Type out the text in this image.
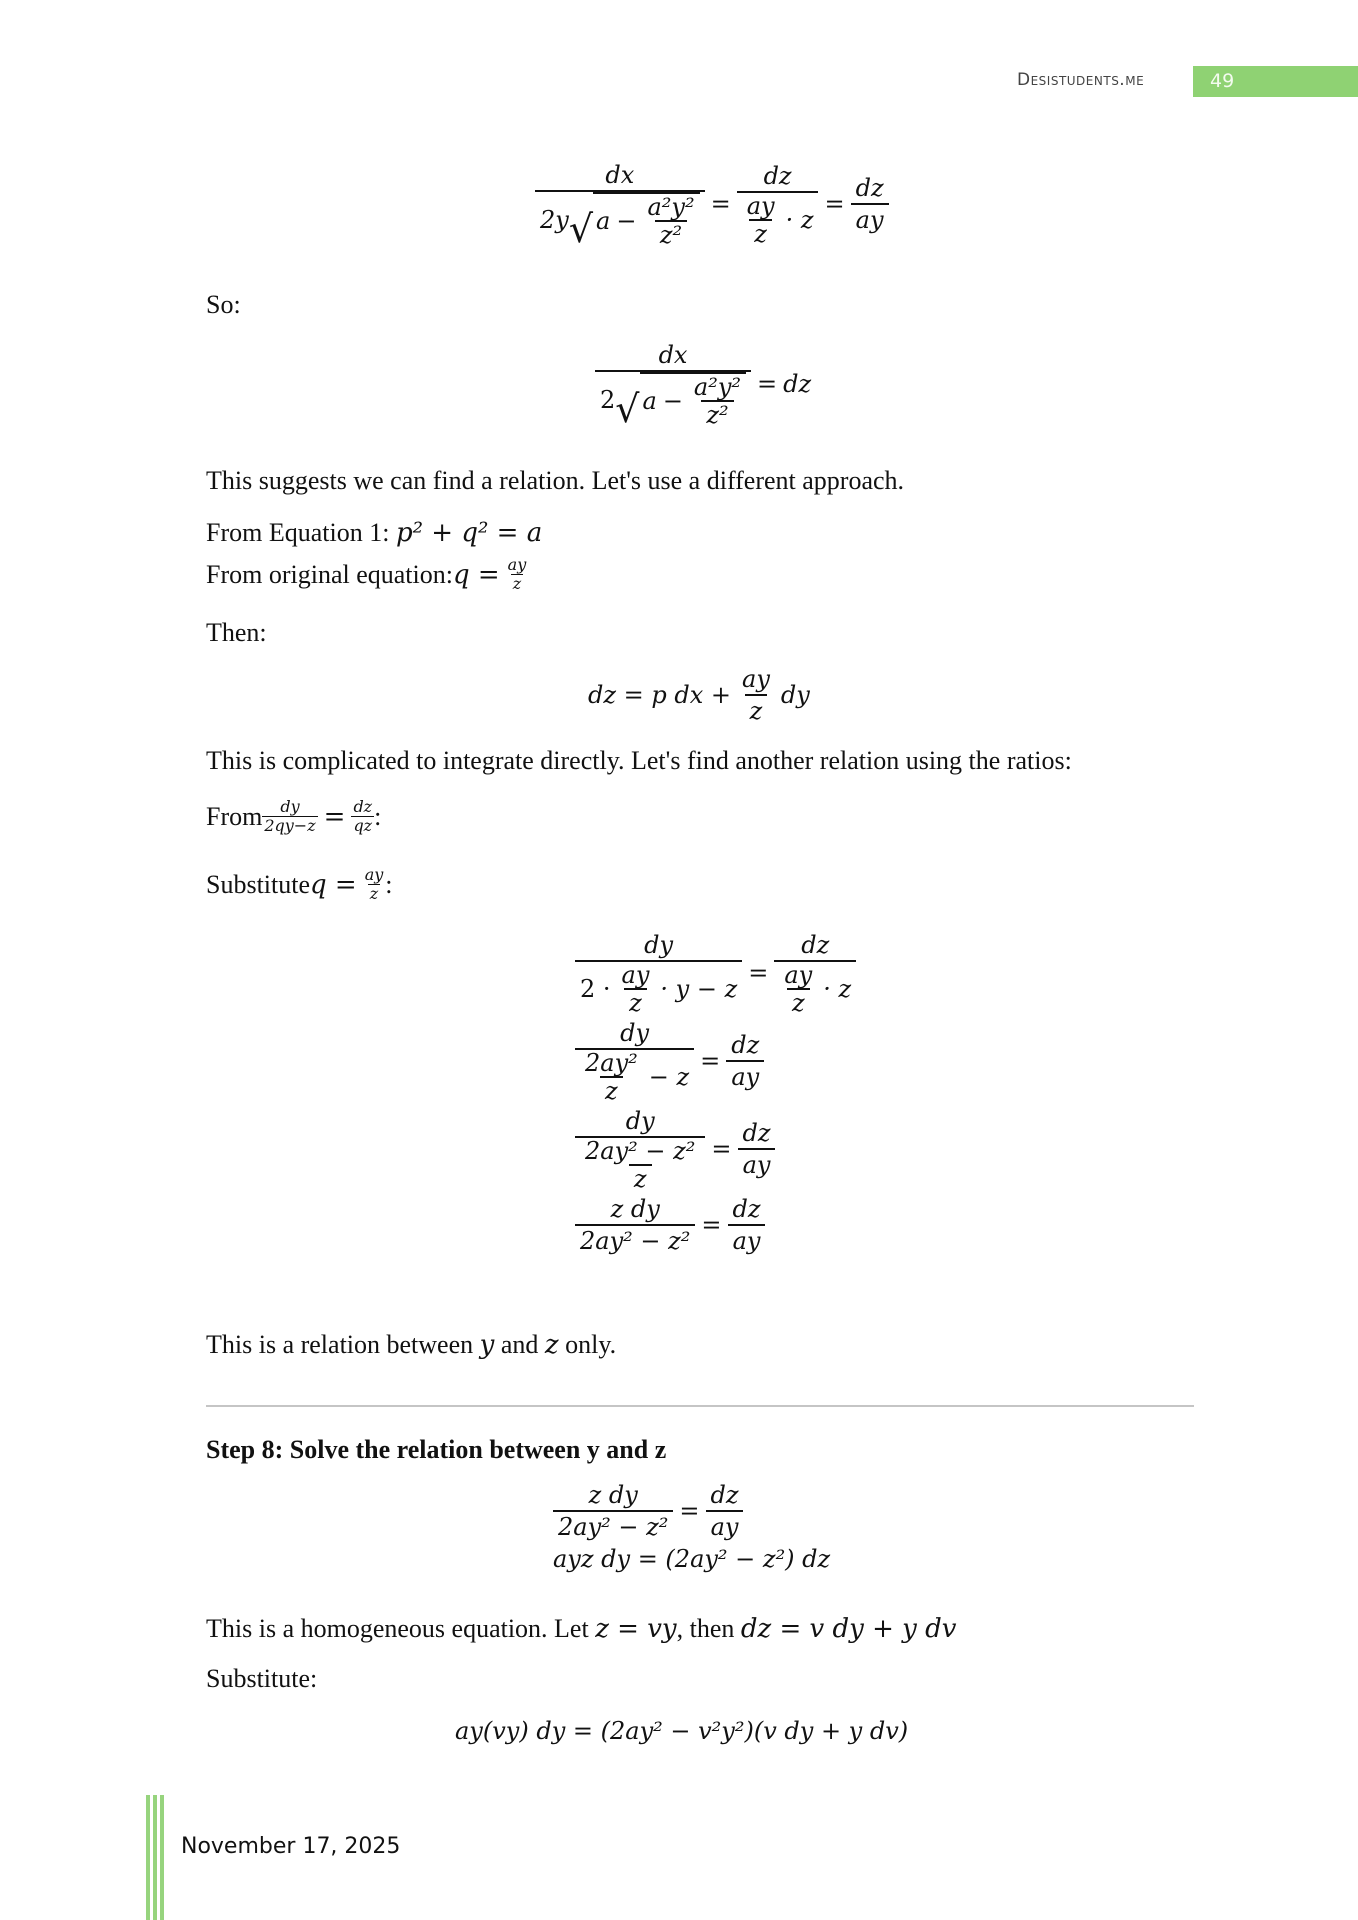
Desistudents.me	49
$\frac{dx}{2y √ a - \frac{\text{a²y²}}{\text{z²}}} = \frac{dz}{\frac{ay}{z} \cdot z} = \frac{dz}{ay}$
So:
$\frac{dx}{2 √ a - \frac{\text{a²y²}}{\text{z²}}}$ = dz
This suggests we can find a relation. Let's use a different approach.
From Equation 1: p² + q² = a
From original equation: $q = \frac{ay}{z}$
Then:
dz = p dx + $\frac{ay}{z}$ dy
This is complicated to integrate directly. Let's find another relation using the ratios:
From $\frac{dy}{2qy-z} = \frac{dz}{qz}$ :
Substitute $q = \frac{ay}{z}$ :
$\frac{dy}{2 \cdot \frac{ay}{z} \cdot y - z} = \frac{dz}{\frac{ay}{z} \cdot z}$
$\frac{dy}{\frac{\text{2ay²}}{z} - z} = \frac{dz}{ay}$
$\frac{dy}{\frac{\text{2ay² − z²}}{z}} = \frac{dz}{ay}$
$\frac{\text{z dy}}{\text{2ay² − z²}} = \frac{dz}{ay}$
This is a relation between y and z only.
Step 8: Solve the relation between y and z
$\frac{\text{z dy}}{\text{2ay² − z²}} = \frac{dz}{ay}$
ayz dy = (2ay² − z²) dz
This is a homogeneous equation. Let z = vy, then dz = v dy + y dv
Substitute:
ay(vy) dy = (2ay² − v²y²)(v dy + y dv)
November 17, 2025
